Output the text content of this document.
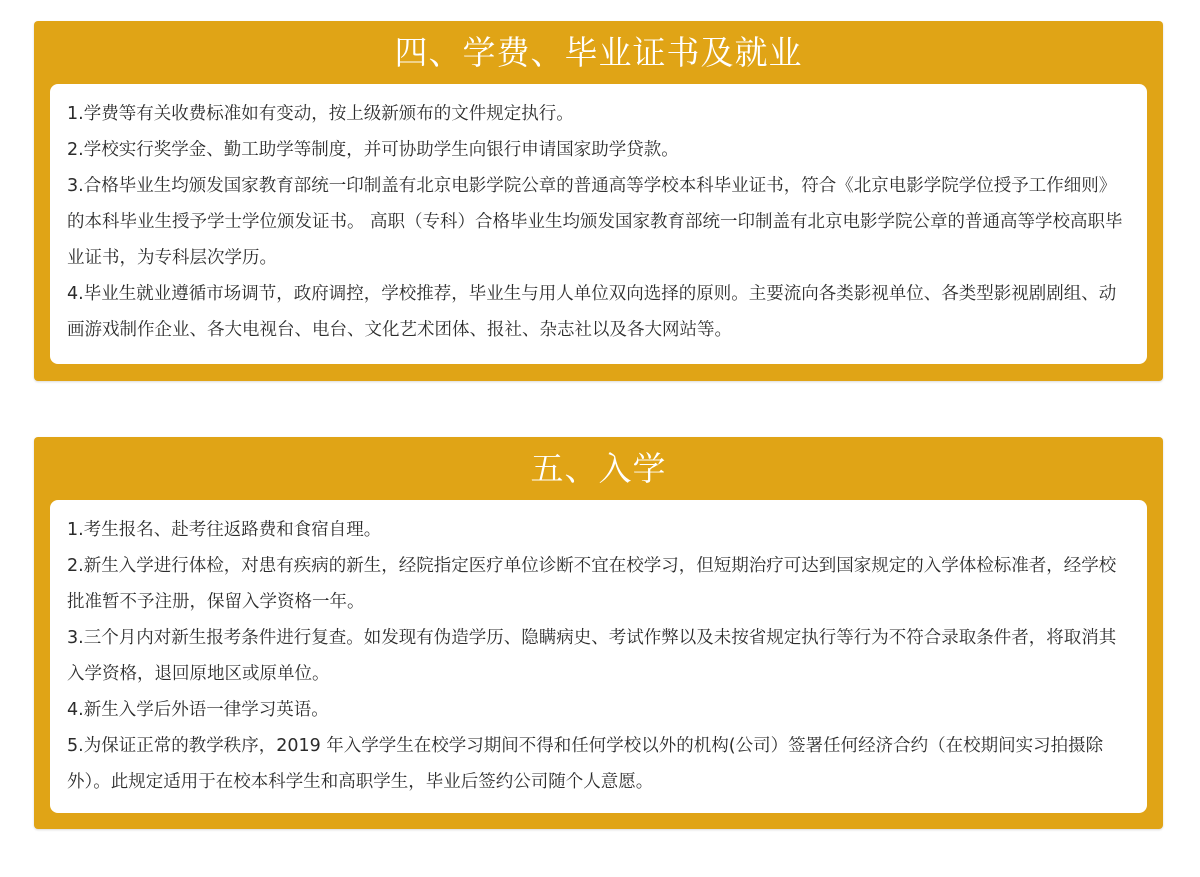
四、学费、毕业证书及就业

1.学费等有关收费标准如有变动，按上级新颁布的文件规定执行。

2.学校实行奖学金、勤工助学等制度，并可协助学生向银行申请国家助学贷款。

3.合格毕业生均颁发国家教育部统一印制盖有北京电影学院公章的普通高等学校本科毕业证书，符合《北京电影学院学位授予工作细则》的本科毕业生授予学士学位颁发证书。 高职（专科）合格毕业生均颁发国家教育部统一印制盖有北京电影学院公章的普通高等学校高职毕业证书，为专科层次学历。

4.毕业生就业遵循市场调节，政府调控，学校推荐，毕业生与用人单位双向选择的原则。主要流向各类影视单位、各类型影视剧剧组、动画游戏制作企业、各大电视台、电台、文化艺术团体、报社、杂志社以及各大网站等。

五、入学

1.考生报名、赴考往返路费和食宿自理。

2.新生入学进行体检，对患有疾病的新生，经院指定医疗单位诊断不宜在校学习，但短期治疗可达到国家规定的入学体检标准者，经学校批准暂不予注册，保留入学资格一年。

3.三个月内对新生报考条件进行复查。如发现有伪造学历、隐瞒病史、考试作弊以及未按省规定执行等行为不符合录取条件者，将取消其入学资格，退回原地区或原单位。

4.新生入学后外语一律学习英语。

5.为保证正常的教学秩序，2019 年入学学生在校学习期间不得和任何学校以外的机构(公司）签署任何经济合约（在校期间实习拍摄除外）。此规定适用于在校本科学生和高职学生，毕业后签约公司随个人意愿。
